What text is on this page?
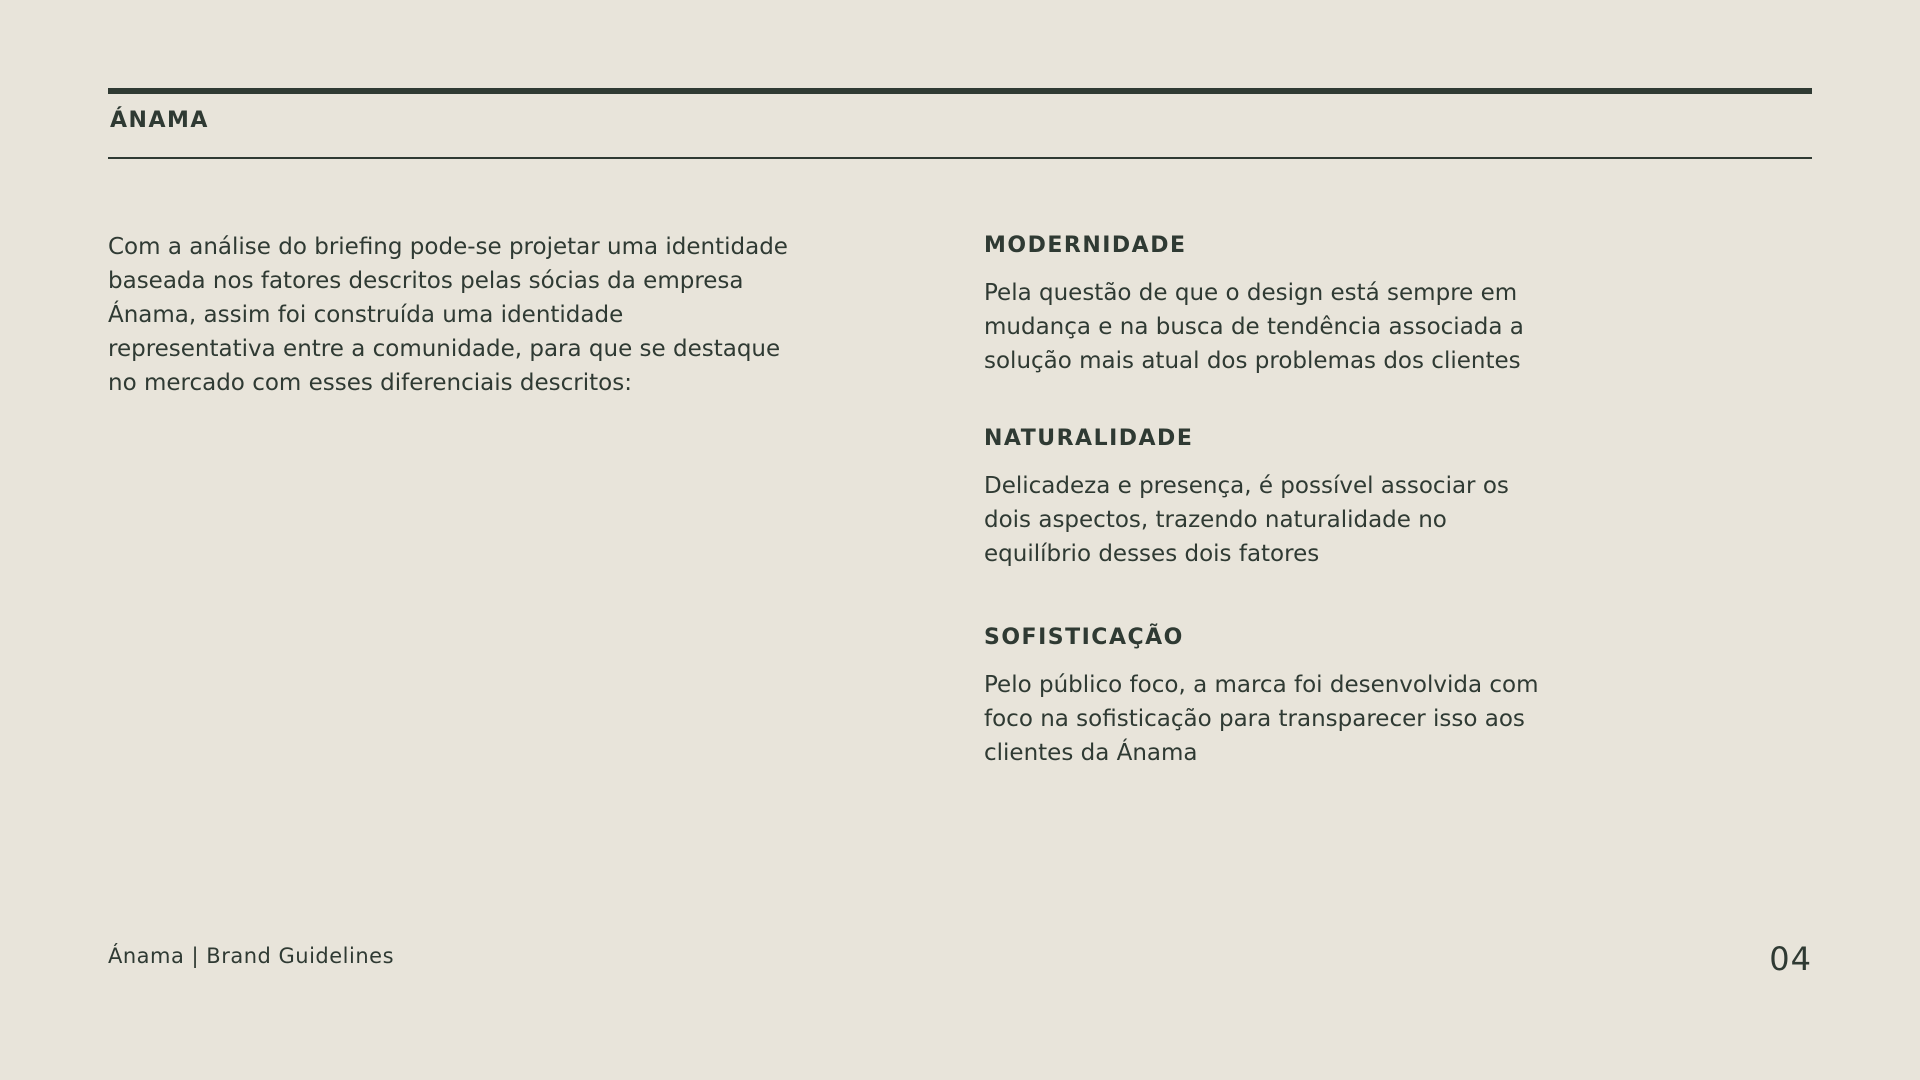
ÁNAMA
Com a análise do briefing pode-se projetar uma identidade baseada nos fatores descritos pelas sócias da empresa Ánama, assim foi construída uma identidade representativa entre a comunidade, para que se destaque no mercado com esses diferenciais descritos:
MODERNIDADE
Pela questão de que o design está sempre em mudança e na busca de tendência associada a solução mais atual dos problemas dos clientes
NATURALIDADE
Delicadeza e presença, é possível associar os dois aspectos, trazendo naturalidade no equilíbrio desses dois fatores
SOFISTICAÇÃO
Pelo público foco, a marca foi desenvolvida com foco na sofisticação para transparecer isso aos clientes da Ánama
Ánama | Brand Guidelines	04
